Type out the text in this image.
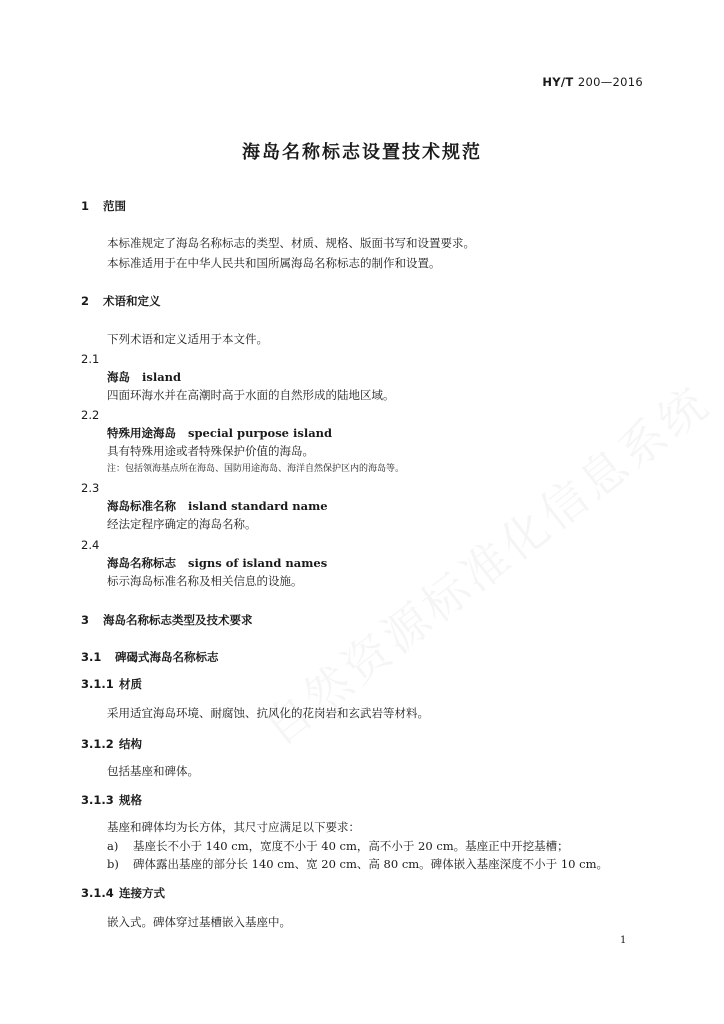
HY/T 200—2016
海岛名称标志设置技术规范
1 范围
本标准规定了海岛名称标志的类型、材质、规格、版面书写和设置要求。
本标准适用于在中华人民共和国所属海岛名称标志的制作和设置。
2 术语和定义
下列术语和定义适用于本文件。
2.1
海岛 island
四面环海水并在高潮时高于水面的自然形成的陆地区域。
2.2
特殊用途海岛 special purpose island
具有特殊用途或者特殊保护价值的海岛。
注：包括领海基点所在海岛、国防用途海岛、海洋自然保护区内的海岛等。
2.3
海岛标准名称 island standard name
经法定程序确定的海岛名称。
2.4
海岛名称标志 signs of island names
标示海岛标准名称及相关信息的设施。
3 海岛名称标志类型及技术要求
3.1 碑碣式海岛名称标志
3.1.1 材质
采用适宜海岛环境、耐腐蚀、抗风化的花岗岩和玄武岩等材料。
3.1.2 结构
包括基座和碑体。
3.1.3 规格
基座和碑体均为长方体，其尺寸应满足以下要求：
a) 基座长不小于 140 cm，宽度不小于 40 cm，高不小于 20 cm。基座正中开挖基槽；
b) 碑体露出基座的部分长 140 cm、宽 20 cm、高 80 cm。碑体嵌入基座深度不小于 10 cm。
3.1.4 连接方式
嵌入式。碑体穿过基槽嵌入基座中。
1
